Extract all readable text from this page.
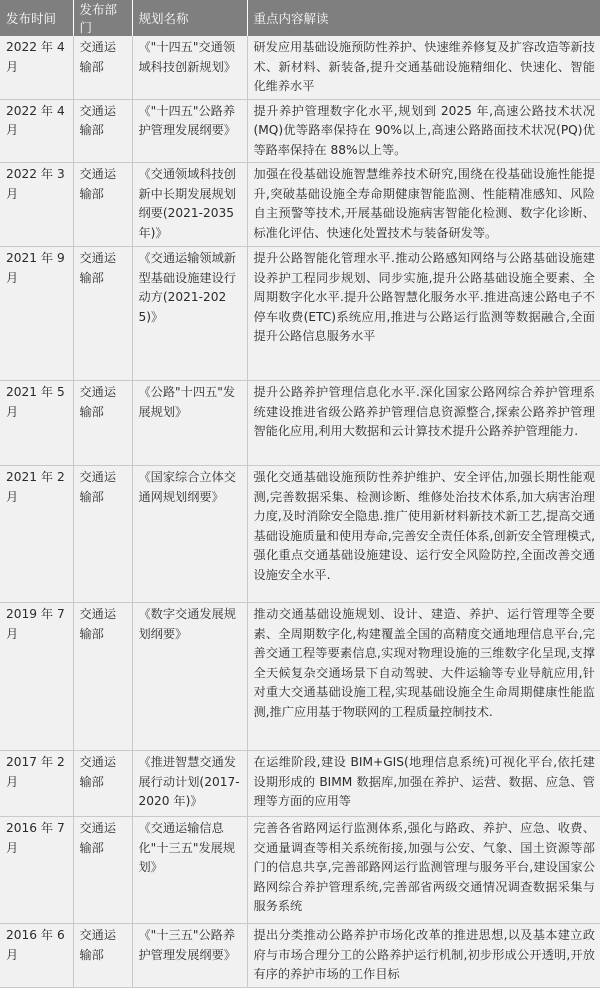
发布时间	发布部门	规划名称	重点内容解读
2022 年 4 月	交通运输部	《"十四五"交通领域科技创新规划》	研发应用基础设施预防性养护、快速维养修复及扩容改造等新技术、新材料、新装备,提升交通基础设施精细化、快速化、智能化维养水平
2022 年 4 月	交通运输部	《"十四五"公路养护管理发展纲要》	提升养护管理数字化水平,规划到 2025 年,高速公路技术状况(MQ)优等路率保持在 90%以上,高速公路路面技术状况(PQ)优等路率保持在 88%以上等。
2022 年 3 月	交通运输部	《交通领域科技创新中长期发展规划纲要(2021-2035年)》	加强在役基础设施智慧维养技术研究,围绕在役基础设施性能提升,突破基础设施全寿命期健康智能监测、性能精准感知、风险自主预警等技术,开展基础设施病害智能化检测、数字化诊断、标准化评估、快速化处置技术与装备研发等。
2021 年 9 月	交通运输部	《交通运输领域新型基础设施建设行动方(2021-2025)》	提升公路智能化管理水平.推动公路感知网络与公路基础设施建设养护工程同步规划、同步实施,提升公路基础设施全要素、全周期数字化水平.提升公路智慧化服务水平.推进高速公路电子不停车收费(ETC)系统应用,推进与公路运行监测等数据融合,全面提升公路信息服务水平
2021 年 5 月	交通运输部	《公路"十四五"发展规划》	提升公路养护管理信息化水平.深化国家公路网综合养护管理系统建设推进省级公路养护管理信息资源整合,探索公路养护管理智能化应用,利用大数据和云计算技术提升公路养护管理能力.
2021 年 2 月	交通运输部	《国家综合立体交通网规划纲要》	强化交通基础设施预防性养护维护、安全评估,加强长期性能观测,完善数据采集、检测诊断、维修处治技术体系,加大病害治理力度,及时消除安全隐患.推广使用新材料新技术新工艺,提高交通基础设施质量和使用寿命,完善安全责任体系,创新安全管理模式,强化重点交通基础设施建设、运行安全风险防控,全面改善交通设施安全水平.
2019 年 7 月	交通运输部	《数字交通发展规划纲要》	推动交通基础设施规划、设计、建造、养护、运行管理等全要素、全周期数字化,构建覆盖全国的高精度交通地理信息平台,完善交通工程等要素信息,实现对物理设施的三维数字化呈现,支撑全天候复杂交通场景下自动驾驶、大件运输等专业导航应用,针对重大交通基础设施工程,实现基础设施全生命周期健康性能监测,推广应用基于物联网的工程质量控制技术.
2017 年 2 月	交通运输部	《推进智慧交通发展行动计划(2017-2020 年)》	在运维阶段,建设 BIM+GIS(地理信息系统)可视化平台,依托建设期形成的 BIMM 数据库,加强在养护、运营、数据、应急、管理等方面的应用等
2016 年 7 月	交通运输部	《交通运输信息化"十三五"发展规划》	完善各省路网运行监测体系,强化与路政、养护、应急、收费、交通量调查等相关系统衔接,加强与公安、气象、国土资源等部门的信息共享,完善部路网运行监测管理与服务平台,建设国家公路网综合养护管理系统,完善部省两级交通情况调查数据采集与服务系统
2016 年 6 月	交通运输部	《"十三五"公路养护管理发展纲要》	提出分类推动公路养护市场化改革的推进思想,以及基本建立政府与市场合理分工的公路养护运行机制,初步形成公开透明,开放有序的养护市场的工作目标
